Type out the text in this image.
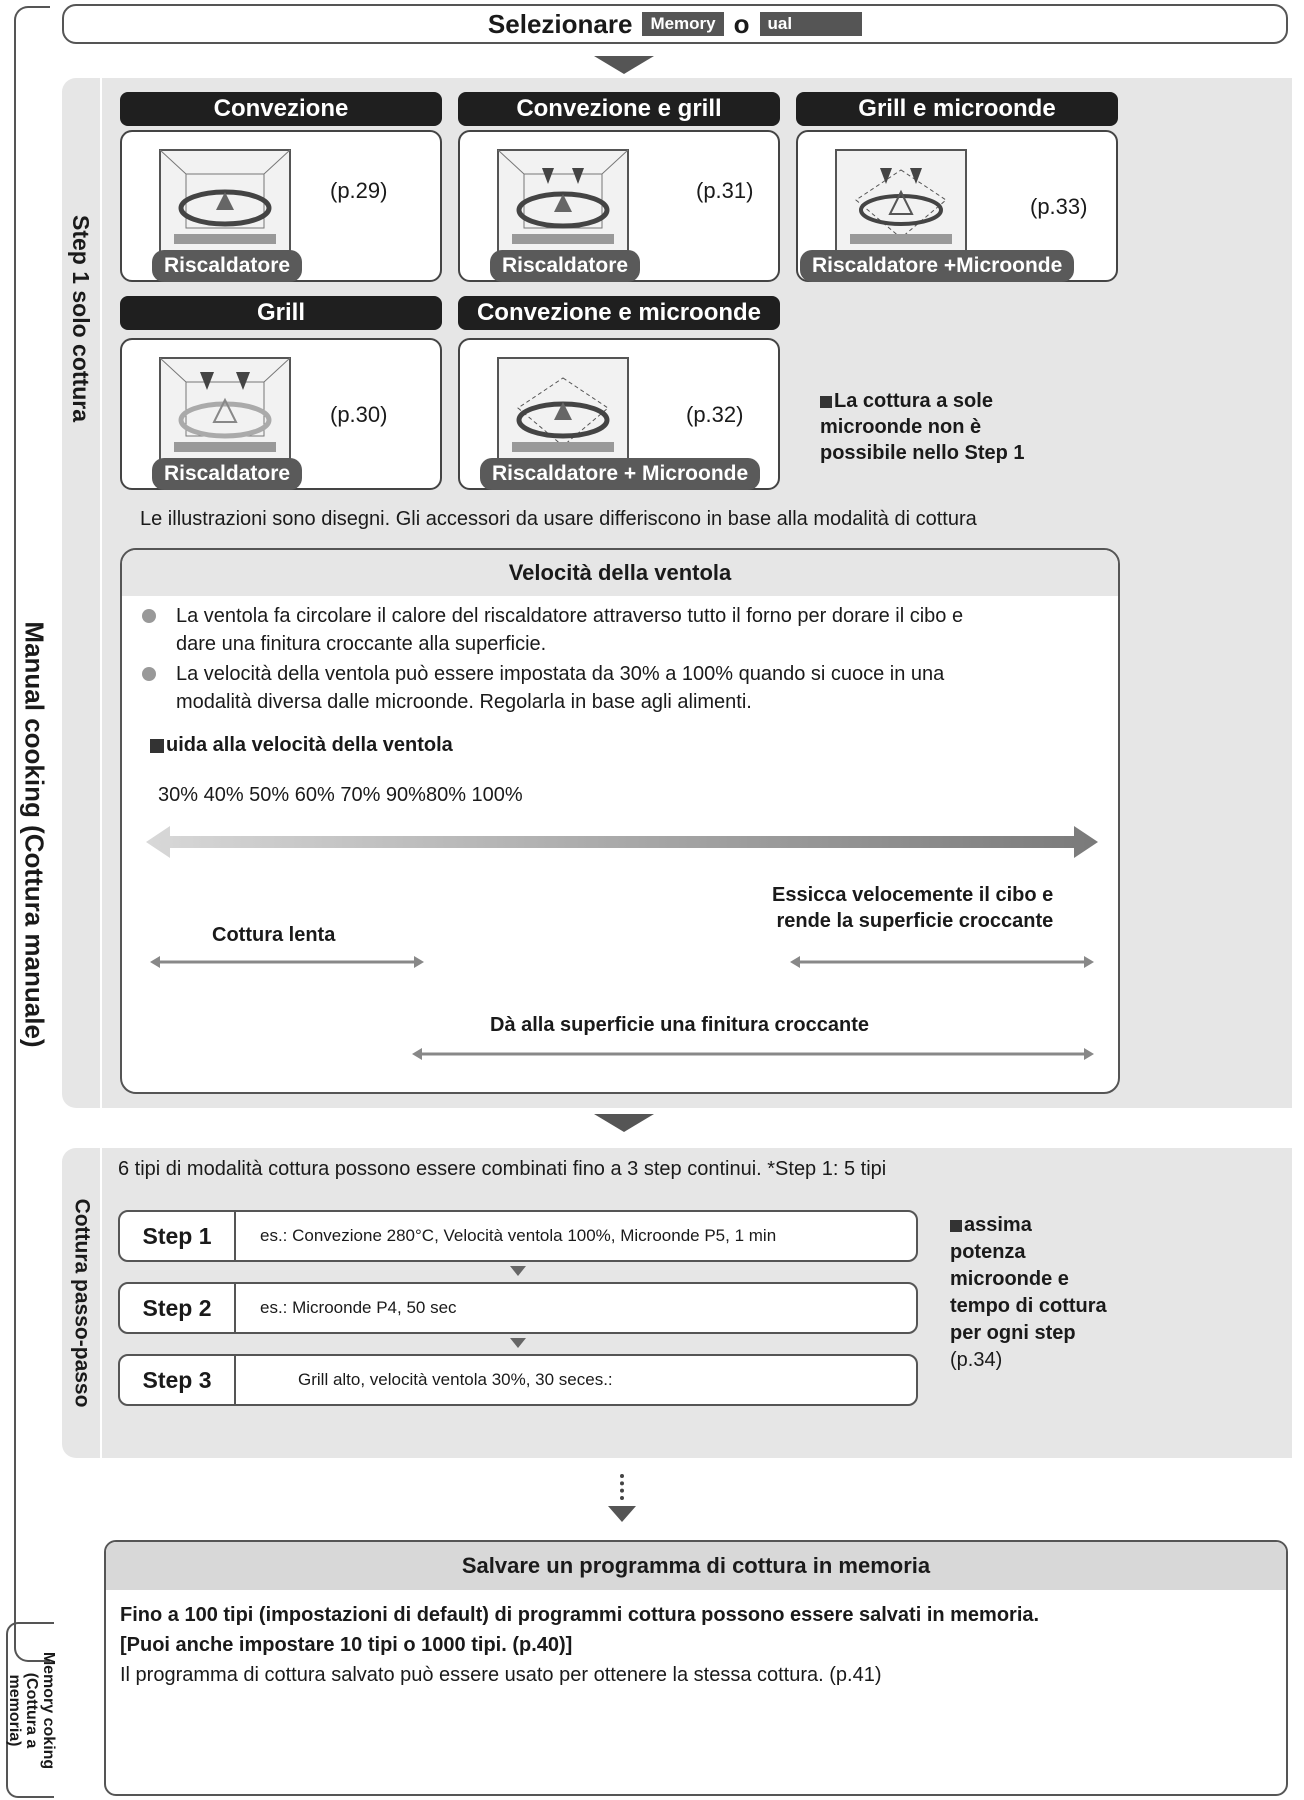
Manual cooking (Cottura manuale)
Step 1 solo cottura
Cottura passo-passo
Memory coking
(Cottura a
memoria)
Selezionare	Memory o	ual
Convezione	Convezione e grill	Grill e microonde
Grill	Convezione e microonde
(p.29)
Riscaldatore
(p.31)
Riscaldatore
(p.33)
Riscaldatore +Microonde
(p.30)
Riscaldatore
(p.32)
Riscaldatore + Microonde
La cottura a sole
microonde non è
possibile nello Step 1
Le illustrazioni sono disegni. Gli accessori da usare differiscono in base alla modalità di cottura
Velocità della ventola

La ventola fa circolare il calore del riscaldatore attraverso tutto il forno per dorare il cibo e

dare una finitura croccante alla superficie.

La velocità della ventola può essere impostata da 30% a 100% quando si cuoce in una

modalità diversa dalle microonde. Regolarla in base agli alimenti.

uida alla velocità della ventola
30% 40% 50% 60% 70% 90%80% 100%
Cottura lenta
Essicca velocemente il cibo e
rende la superficie croccante
Dà alla superficie una finitura croccante
6 tipi di modalità cottura possono essere combinati fino a 3 step continui. *Step 1: 5 tipi
Step 1	es.: Convezione 280°C, Velocità ventola 100%, Microonde P5, 1 min
Step 2	es.: Microonde P4, 50 sec
Step 3	Grill alto, velocità ventola 30%, 30 seces.:
assima
potenza
microonde e
tempo di cottura
per ogni step
(p.34)
Salvare un programma di cottura in memoria
Fino a 100 tipi (impostazioni di default) di programmi cottura possono essere salvati in memoria.
[Puoi anche impostare 10 tipi o 1000 tipi. (p.40)]
Il programma di cottura salvato può essere usato per ottenere la stessa cottura. (p.41)
